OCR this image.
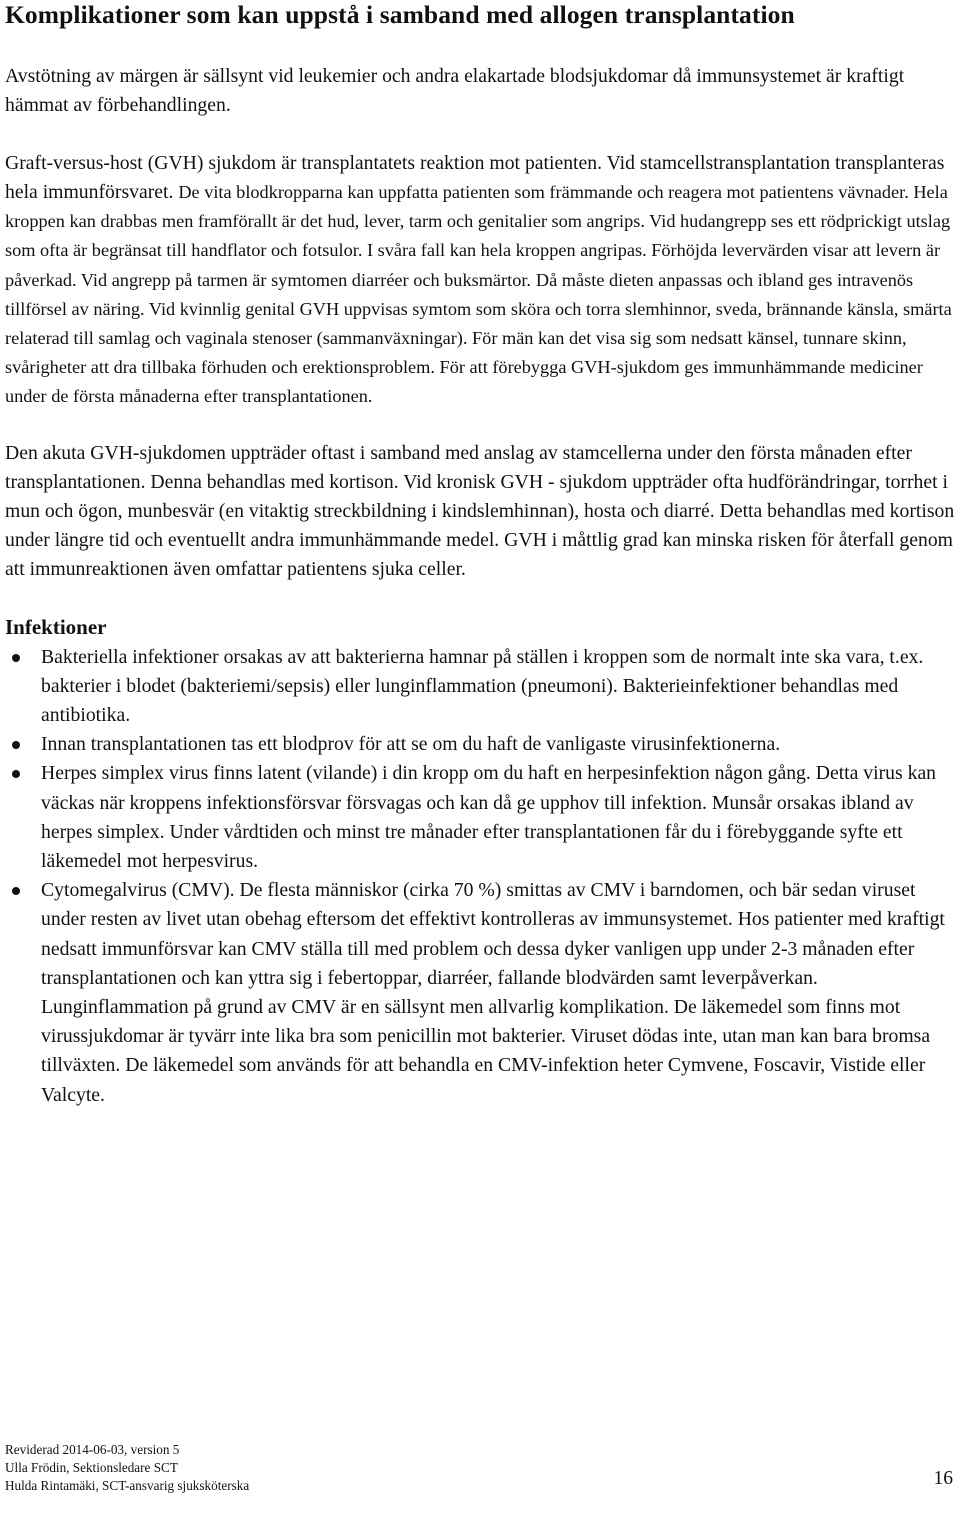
Komplikationer som kan uppstå i samband med allogen transplantation

Avstötning av märgen är sällsynt vid leukemier och andra elakartade blodsjukdomar då immunsystemet är kraftigt hämmat av förbehandlingen.

Graft-versus-host (GVH) sjukdom är transplantatets reaktion mot patienten. Vid stamcellstransplantation transplanteras hela immunförsvaret. De vita blodkropparna kan uppfatta patienten som främmande och reagera mot patientens vävnader. Hela kroppen kan drabbas men framförallt är det hud, lever, tarm och genitalier som angrips. Vid hudangrepp ses ett rödprickigt utslag som ofta är begränsat till handflator och fotsulor. I svåra fall kan hela kroppen angripas. Förhöjda levervärden visar att levern är påverkad. Vid angrepp på tarmen är symtomen diarréer och buksmärtor. Då måste dieten anpassas och ibland ges intravenös tillförsel av näring. Vid kvinnlig genital GVH uppvisas symtom som sköra och torra slemhinnor, sveda, brännande känsla, smärta relaterad till samlag och vaginala stenoser (sammanväxningar). För män kan det visa sig som nedsatt känsel, tunnare skinn, svårigheter att dra tillbaka förhuden och erektionsproblem. För att förebygga GVH-sjukdom ges immunhämmande mediciner under de första månaderna efter transplantationen.

Den akuta GVH-sjukdomen uppträder oftast i samband med anslag av stamcellerna under den första månaden efter transplantationen. Denna behandlas med kortison. Vid kronisk GVH - sjukdom uppträder ofta hudförändringar, torrhet i mun och ögon, munbesvär (en vitaktig streckbildning i kindslemhinnan), hosta och diarré. Detta behandlas med kortison under längre tid och eventuellt andra immunhämmande medel. GVH i måttlig grad kan minska risken för återfall genom att immunreaktionen även omfattar patientens sjuka celler.

Infektioner
Bakteriella infektioner orsakas av att bakterierna hamnar på ställen i kroppen som de normalt inte ska vara, t.ex. bakterier i blodet (bakteriemi/sepsis) eller lunginflammation (pneumoni). Bakterieinfektioner behandlas med antibiotika.
Innan transplantationen tas ett blodprov för att se om du haft de vanligaste virusinfektionerna.
Herpes simplex virus finns latent (vilande) i din kropp om du haft en herpesinfektion någon gång. Detta virus kan väckas när kroppens infektionsförsvar försvagas och kan då ge upphov till infektion. Munsår orsakas ibland av herpes simplex. Under vårdtiden och minst tre månader efter transplantationen får du i förebyggande syfte ett läkemedel mot herpesvirus.
Cytomegalvirus (CMV). De flesta människor (cirka 70 %) smittas av CMV i barndomen, och bär sedan viruset under resten av livet utan obehag eftersom det effektivt kontrolleras av immunsystemet. Hos patienter med kraftigt nedsatt immunförsvar kan CMV ställa till med problem och dessa dyker vanligen upp under 2-3 månaden efter transplantationen och kan yttra sig i febertoppar, diarréer, fallande blodvärden samt leverpåverkan. Lunginflammation på grund av CMV är en sällsynt men allvarlig komplikation. De läkemedel som finns mot virussjukdomar är tyvärr inte lika bra som penicillin mot bakterier. Viruset dödas inte, utan man kan bara bromsa tillväxten. De läkemedel som används för att behandla en CMV-infektion heter Cymvene, Foscavir, Vistide eller Valcyte.
Reviderad 2014-06-03, version 5
Ulla Frödin, Sektionsledare SCT
Hulda Rintamäki, SCT-ansvarig sjuksköterska	16
